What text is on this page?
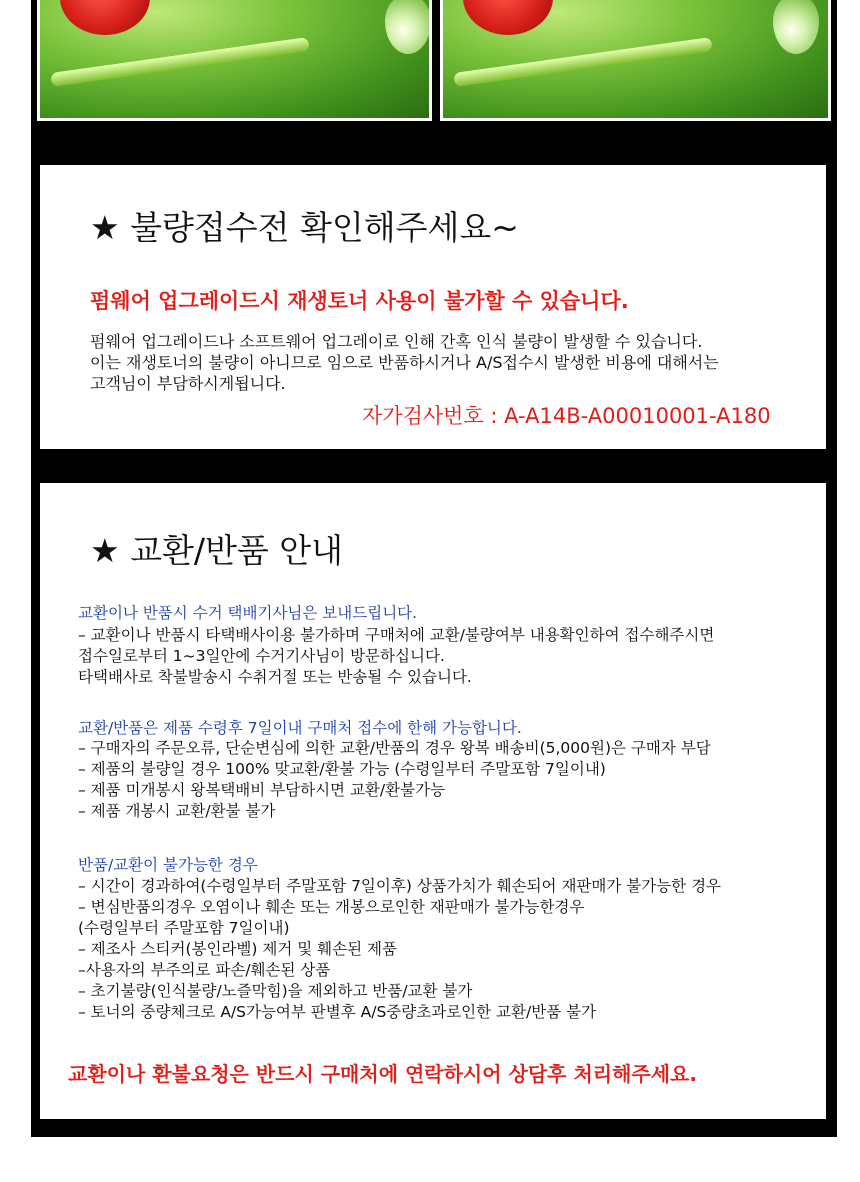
★ 불량접수전 확인해주세요~
펌웨어 업그레이드시 재생토너 사용이 불가할 수 있습니다.
펌웨어 업그레이드나 소프트웨어 업그레이로 인해 간혹 인식 불량이 발생할 수 있습니다.
이는 재생토너의 불량이 아니므로 임으로 반품하시거나 A/S접수시 발생한 비용에 대해서는
고객님이 부담하시게됩니다.
자가검사번호 : A-A14B-A00010001-A180
★ 교환/반품 안내
교환이나 반품시 수거 택배기사님은 보내드립니다.
– 교환이나 반품시 타택배사이용 불가하며 구매처에 교환/불량여부 내용확인하여 접수해주시면
접수일로부터 1~3일안에 수거기사님이 방문하십니다.
타택배사로 착불발송시 수취거절 또는 반송될 수 있습니다.
교환/반품은 제품 수령후 7일이내 구매처 접수에 한해 가능합니다.
– 구매자의 주문오류, 단순변심에 의한 교환/반품의 경우 왕복 배송비(5,000원)은 구매자 부담
– 제품의 불량일 경우 100% 맞교환/환불 가능 (수령일부터 주말포함 7일이내)
– 제품 미개봉시 왕복택배비 부담하시면 교환/환불가능
– 제품 개봉시 교환/환불 불가
반품/교환이 불가능한 경우
– 시간이 경과하여(수령일부터 주말포함 7일이후) 상품가치가 훼손되어 재판매가 불가능한 경우
– 변심반품의경우 오염이나 훼손 또는 개봉으로인한 재판매가 불가능한경우
(수령일부터 주말포함 7일이내)
– 제조사 스티커(봉인라벨) 제거 및 훼손된 제품
–사용자의 부주의로 파손/훼손된 상품
– 초기불량(인식불량/노즐막힘)을 제외하고 반품/교환 불가
– 토너의 중량체크로 A/S가능여부 판별후 A/S중량초과로인한 교환/반품 불가
교환이나 환불요청은 반드시 구매처에 연락하시어 상담후 처리해주세요.
